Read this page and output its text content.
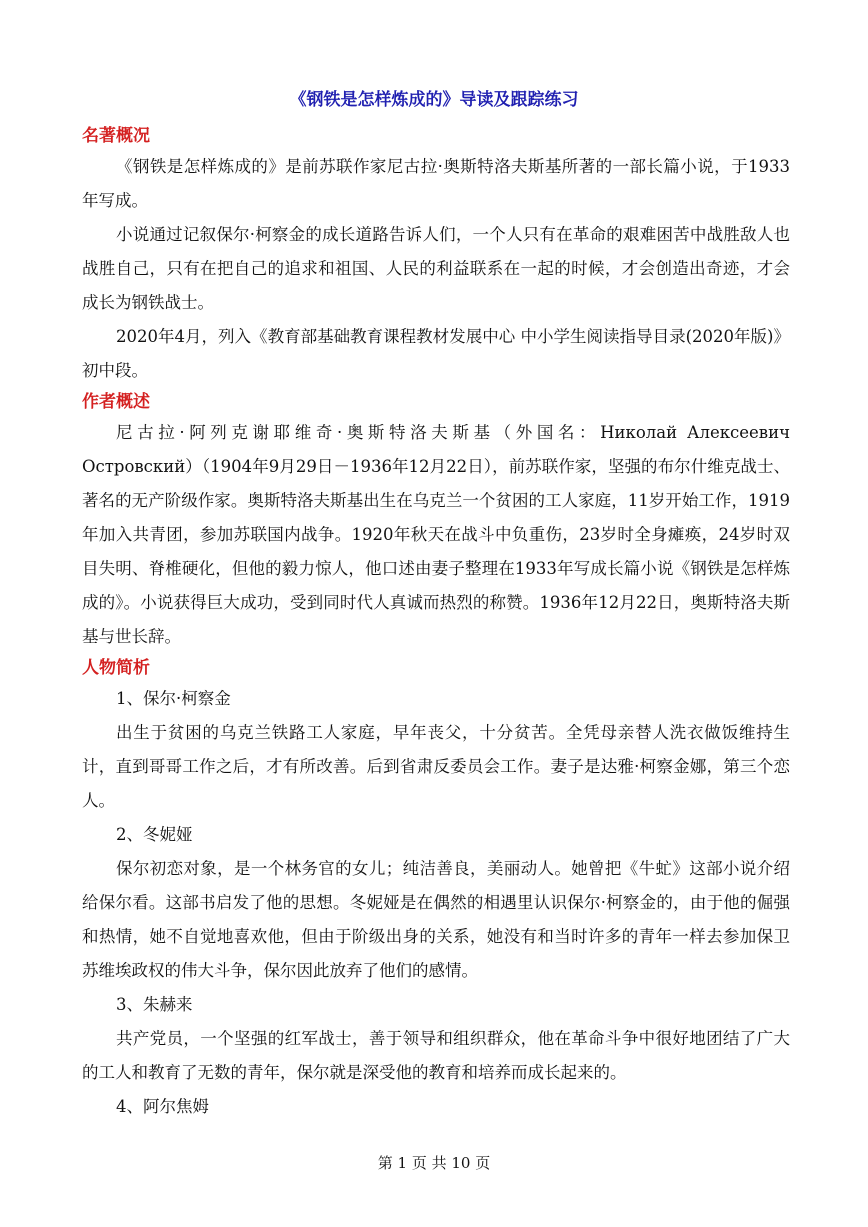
《钢铁是怎样炼成的》导读及跟踪练习

名著概况

《钢铁是怎样炼成的》是前苏联作家尼古拉·奥斯特洛夫斯基所著的一部长篇小说，于1933年写成。

小说通过记叙保尔·柯察金的成长道路告诉人们，一个人只有在革命的艰难困苦中战胜敌人也战胜自己，只有在把自己的追求和祖国、人民的利益联系在一起的时候，才会创造出奇迹，才会成长为钢铁战士。

2020年4月，列入《教育部基础教育课程教材发展中心 中小学生阅读指导目录(2020年版)》初中段。

作者概述

尼古拉·阿列克谢耶维奇·奥斯特洛夫斯基（外国名：Николай Алексеевич Островский）（1904年9月29日－1936年12月22日），前苏联作家，坚强的布尔什维克战士、著名的无产阶级作家。奥斯特洛夫斯基出生在乌克兰一个贫困的工人家庭，11岁开始工作，1919年加入共青团，参加苏联国内战争。1920年秋天在战斗中负重伤，23岁时全身瘫痪，24岁时双目失明、脊椎硬化，但他的毅力惊人，他口述由妻子整理在1933年写成长篇小说《钢铁是怎样炼成的》。小说获得巨大成功，受到同时代人真诚而热烈的称赞。1936年12月22日，奥斯特洛夫斯基与世长辞。

人物简析

1、保尔·柯察金

出生于贫困的乌克兰铁路工人家庭，早年丧父，十分贫苦。全凭母亲替人洗衣做饭维持生计，直到哥哥工作之后，才有所改善。后到省肃反委员会工作。妻子是达雅·柯察金娜，第三个恋人。

2、冬妮娅

保尔初恋对象，是一个林务官的女儿；纯洁善良，美丽动人。她曾把《牛虻》这部小说介绍给保尔看。这部书启发了他的思想。冬妮娅是在偶然的相遇里认识保尔·柯察金的，由于他的倔强和热情，她不自觉地喜欢他，但由于阶级出身的关系，她没有和当时许多的青年一样去参加保卫苏维埃政权的伟大斗争，保尔因此放弃了他们的感情。

3、朱赫来

共产党员，一个坚强的红军战士，善于领导和组织群众，他在革命斗争中很好地团结了广大的工人和教育了无数的青年，保尔就是深受他的教育和培养而成长起来的。

4、阿尔焦姆

第 1 页 共 10 页
